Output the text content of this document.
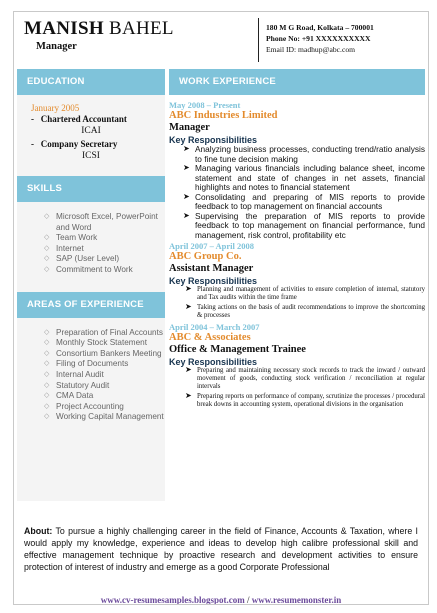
MANISH BAHEL
Manager
180 M G Road, Kolkata – 700001
Phone No: +91 XXXXXXXXXX
Email ID: madhup@abc.com
EDUCATION
January 2005
-   Chartered Accountant
ICAI
-   Company Secretary
ICSI
SKILLS
◇ Microsoft Excel, PowerPoint and Word
◇ Team Work
◇ Internet
◇ SAP (User Level)
◇ Commitment to Work
AREAS OF EXPERIENCE
◇ Preparation of Final Accounts
◇ Monthly Stock Statement
◇ Consortium Bankers Meeting
◇ Filing of Documents
◇ Internal Audit
◇ Statutory Audit
◇ CMA Data
◇ Project Accounting
◇ Working Capital Management
WORK EXPERIENCE
May 2008 – Present
ABC Industries Limited
Manager
Key Responsibilities
➤ Analyzing business processes, conducting trend/ratio analysis to fine tune decision making
➤ Managing various financials including balance sheet, income statement and state of changes in net assets, financial highlights and notes to financial statement
➤ Consolidating and preparing of MIS reports to provide feedback to top management on financial accounts
➤ Supervising the preparation of MIS reports to provide feedback to top management on financial performance, fund management, risk control, profitability etc
April 2007 – April 2008
ABC Group Co.
Assistant Manager
Key Responsibilities
➤ Planning and management of activities to ensure completion of internal, statutory and Tax audits within the time frame
➤ Taking actions on the basis of audit recommendations to improve the shortcoming & processes
April 2004 – March 2007
ABC & Associates
Office & Management Trainee
Key Responsibilities
➤ Preparing and maintaining necessary stock records to track the inward / outward movement of goods, conducting stock verification / reconciliation at regular intervals
➤ Preparing reports on performance of company, scrutinize the processes / procedural break downs in accounting system, operational divisions in the organisation
About: To pursue a highly challenging career in the field of Finance, Accounts & Taxation, where I would apply my knowledge, experience and ideas to develop high calibre professional skill and effective management technique by proactive research and development activities to ensure protection of interest of industry and emerge as a good Corporate Professional
www.cv-resumesamples.blogspot.com / www.resumemonster.in
